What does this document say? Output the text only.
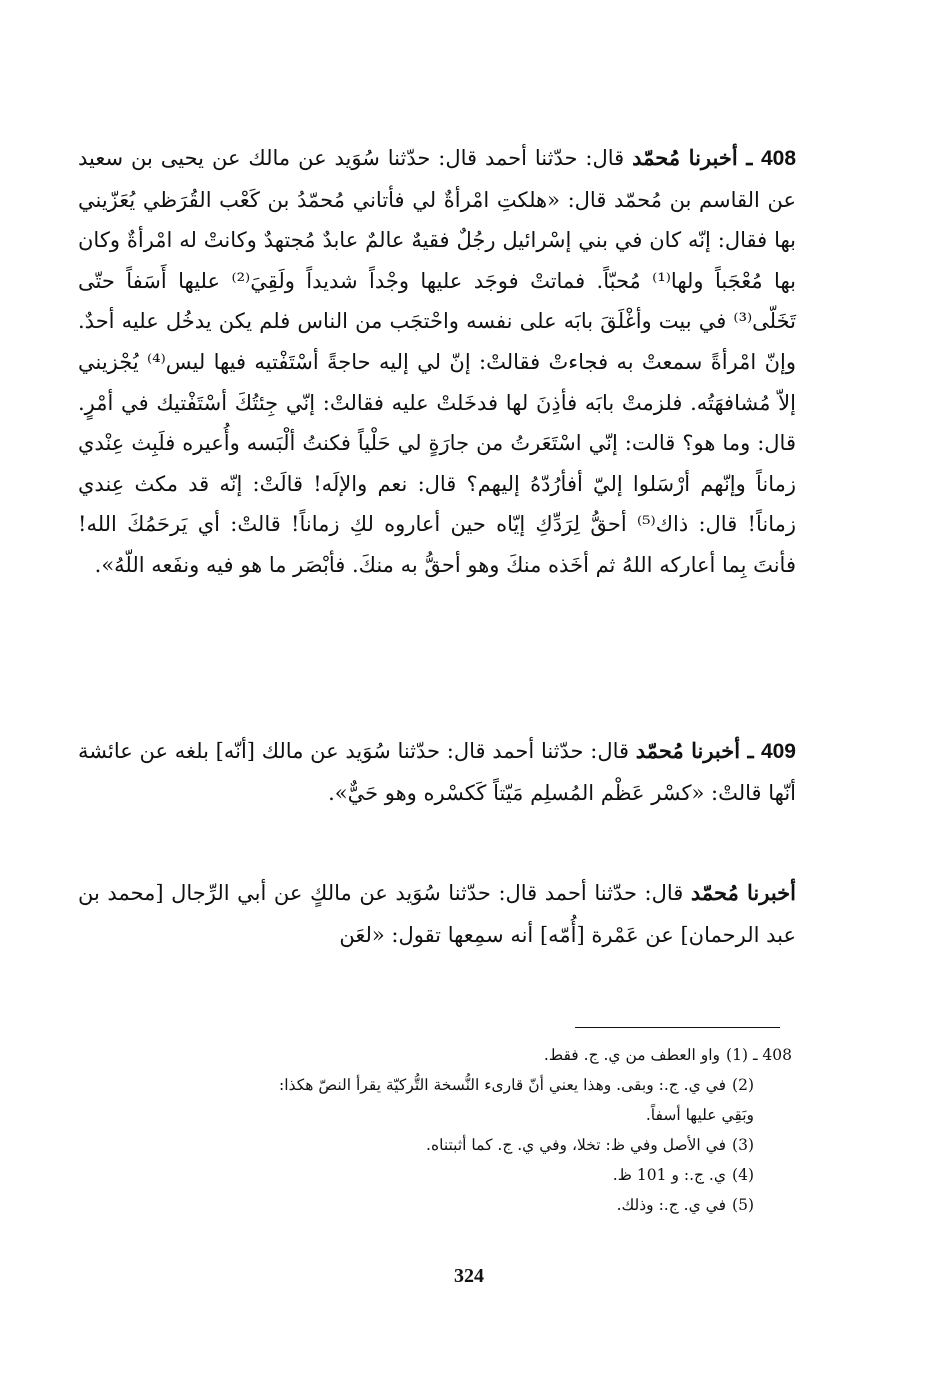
408 ـ أخبرنا مُحمّد قال: حدّثنا أحمد قال: حدّثنا سُوَيد عن مالك عن يحيى بن سعيد عن القاسم بن مُحمّد قال: «هلكتِ امْرأةٌ لي فأتاني مُحمّدُ بن كَعْب القُرَظي يُعَزّيني بها فقال: إنّه كان في بني إسْرائيل رجُلٌ فقيهٌ عالمٌ عابدٌ مُجتهدٌ وكانتْ له امْرأةٌ وكان بها مُعْجَباً ولها⁽¹⁾ مُحبّاً. فماتتْ فوجَد عليها وجْداً شديداً ولَقِيَ⁽²⁾ عليها أَسَفاً حتّى تَخَلّى⁽³⁾ في بيت وأغْلَقَ بابَه على نفسه واحْتجَب من الناس فلم يكن يدخُل عليه أحدٌ. وإنّ امْرأةً سمعتْ به فجاءتْ فقالتْ: إنّ لي إليه حاجةً أسْتَفْتيه فيها ليس⁽⁴⁾ يُجْزيني إلاّ مُشافهَتُه. فلزمتْ بابَه فأذِنَ لها فدخَلتْ عليه فقالتْ: إنّي جِئتُكَ أسْتَفْتيك في أمْرٍ. قال: وما هو؟ قالت: إنّي اسْتَعَرتُ من جارَةٍ لي حَلْياً فكنتُ ألْبَسه وأُعيره فلَبِث عِنْدي زماناً وإنّهم أرْسَلوا إليّ أفأرُدّهُ إليهم؟ قال: نعم والإلَه! قالَتْ: إنّه قد مكث عِندي زماناً! قال: ذاك⁽⁵⁾ أحقُّ لِرَدِّكِ إيّاه حين أعاروه لكِ زماناً! قالتْ: أي يَرحَمُكَ الله! فأنتَ بِما أعاركه اللهُ ثم أخَذه منكَ وهو أحقُّ به منكَ. فأبْصَر ما هو فيه ونفَعه اللّهُ».
409 ـ أخبرنا مُحمّد قال: حدّثنا أحمد قال: حدّثنا سُوَيد عن مالك [أنّه] بلغه عن عائشة أنّها قالتْ: «كسْر عَظْم المُسلِم مَيّتاً كَكسْره وهو حَيٌّ».
أخبرنا مُحمّد قال: حدّثنا أحمد قال: حدّثنا سُوَيد عن مالكٍ عن أبي الرِّجال [محمد بن عبد الرحمان] عن عَمْرة [أُمّه] أنه سمِعها تقول: «لعَن
408 ـ (1)واو العطف من ي. ج. فقط.
(2)في ي. ج.: وبقى. وهذا يعني أنّ قارىء النُّسخة التُّركيّة يقرأ النصّ هكذا:
وبَقِي عليها أسفاً.
(3)في الأصل وفي ظ: تخلا، وفي ي. ج. كما أثبتناه.
(4)ي. ج.: و 101 ظ.
(5)في ي. ج.: وذلك.
324
